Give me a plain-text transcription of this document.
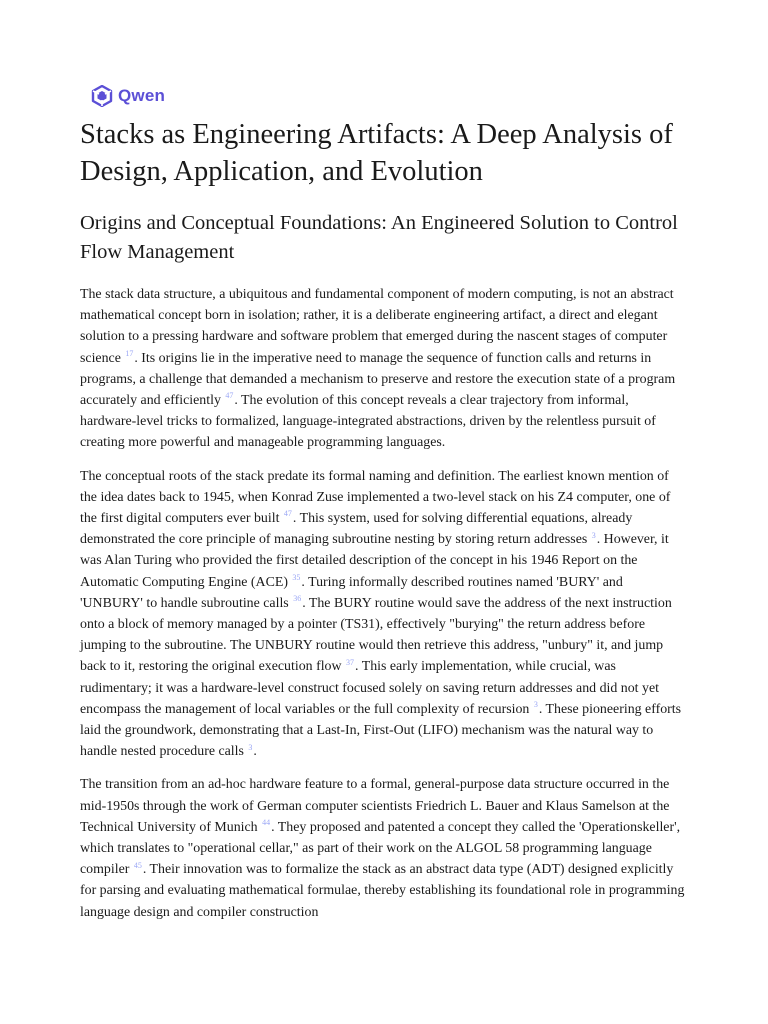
Qwen
Stacks as Engineering Artifacts: A Deep Analysis of Design, Application, and Evolution
Origins and Conceptual Foundations: An Engineered Solution to Control Flow Management

The stack data structure, a ubiquitous and fundamental component of modern computing, is not an abstract mathematical concept born in isolation; rather, it is a deliberate engineering artifact, a direct and elegant solution to a pressing hardware and software problem that emerged during the nascent stages of computer science $^{17}$. Its origins lie in the imperative need to manage the sequence of function calls and returns in programs, a challenge that demanded a mechanism to preserve and restore the execution state of a program accurately and efficiently $^{47}$. The evolution of this concept reveals a clear trajectory from informal, hardware-level tricks to formalized, language-integrated abstractions, driven by the relentless pursuit of creating more powerful and manageable programming languages.

The conceptual roots of the stack predate its formal naming and definition. The earliest known mention of the idea dates back to 1945, when Konrad Zuse implemented a two-level stack on his Z4 computer, one of the first digital computers ever built $^{47}$. This system, used for solving differential equations, already demonstrated the core principle of managing subroutine nesting by storing return addresses $^3$. However, it was Alan Turing who provided the first detailed description of the concept in his 1946 Report on the Automatic Computing Engine (ACE) $^{35}$. Turing informally described routines named 'BURY' and 'UNBURY' to handle subroutine calls $^{36}$. The BURY routine would save the address of the next instruction onto a block of memory managed by a pointer (TS31), effectively "burying" the return address before jumping to the subroutine. The UNBURY routine would then retrieve this address, "unbury" it, and jump back to it, restoring the original execution flow $^{37}$. This early implementation, while crucial, was rudimentary; it was a hardware-level construct focused solely on saving return addresses and did not yet encompass the management of local variables or the full complexity of recursion $^3$. These pioneering efforts laid the groundwork, demonstrating that a Last-In, First-Out (LIFO) mechanism was the natural way to handle nested procedure calls $^3$.

The transition from an ad-hoc hardware feature to a formal, general-purpose data structure occurred in the mid-1950s through the work of German computer scientists Friedrich L. Bauer and Klaus Samelson at the Technical University of Munich $^{44}$. They proposed and patented a concept they called the 'Operationskeller', which translates to "operational cellar," as part of their work on the ALGOL 58 programming language compiler $^{45}$. Their innovation was to formalize the stack as an abstract data type (ADT) designed explicitly for parsing and evaluating mathematical formulae, thereby establishing its foundational role in programming language design and compiler construction
